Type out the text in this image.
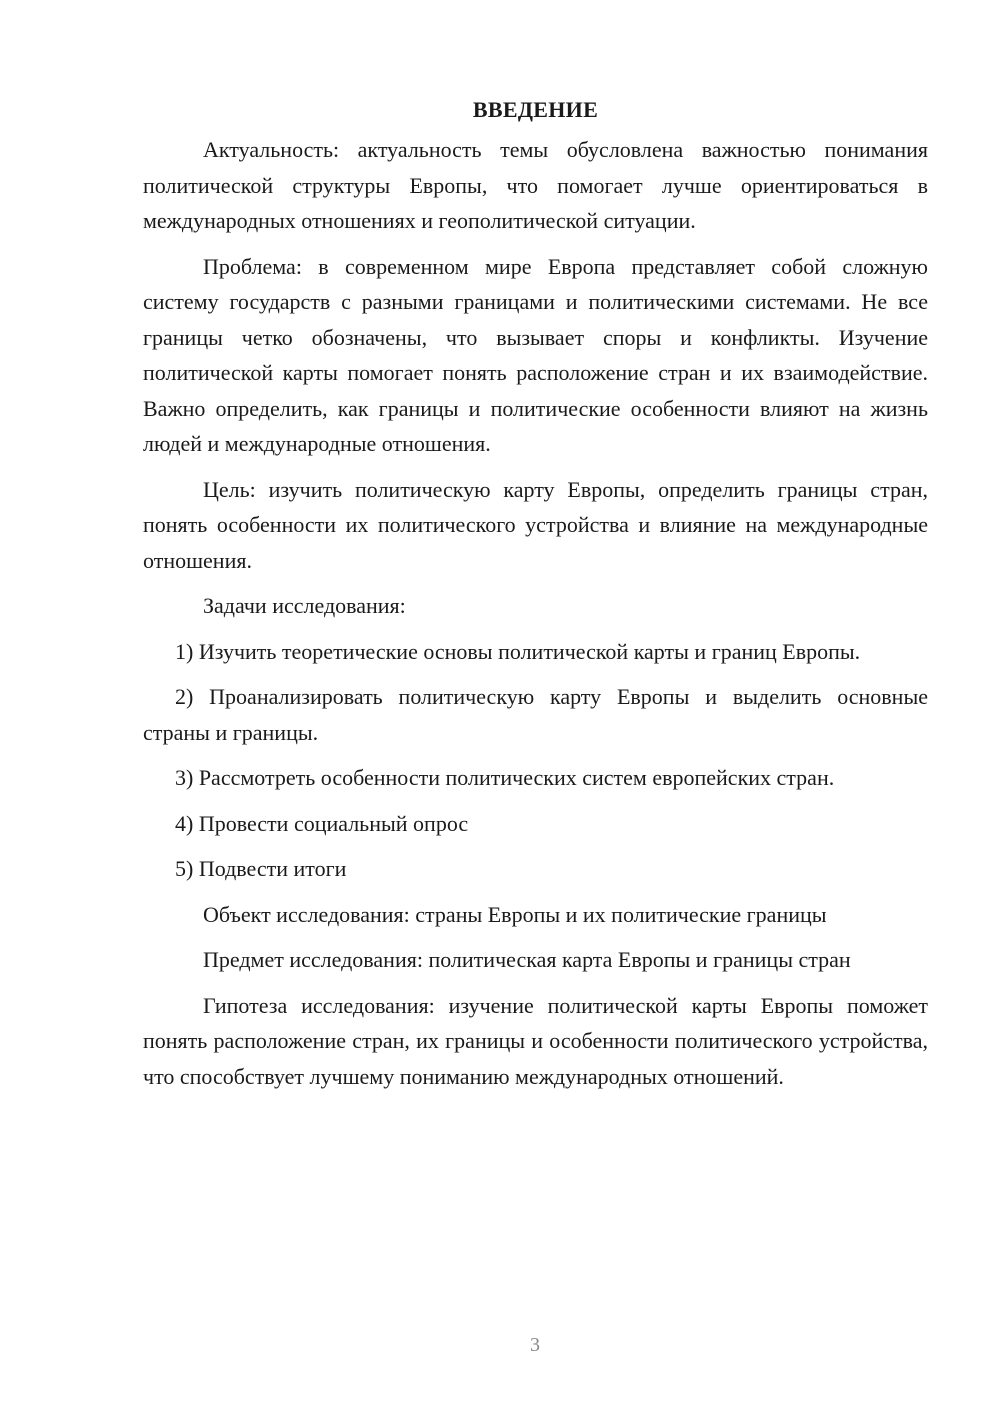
ВВЕДЕНИЕ

Актуальность: актуальность темы обусловлена важностью понимания политической структуры Европы, что помогает лучше ориентироваться в международных отношениях и геополитической ситуации.

Проблема: в современном мире Европа представляет собой сложную систему государств с разными границами и политическими системами. Не все границы четко обозначены, что вызывает споры и конфликты. Изучение политической карты помогает понять расположение стран и их взаимодействие. Важно определить, как границы и политические особенности влияют на жизнь людей и международные отношения.

Цель: изучить политическую карту Европы, определить границы стран, понять особенности их политического устройства и влияние на международные отношения.

Задачи исследования:

1) Изучить теоретические основы политической карты и границ Европы.

2) Проанализировать политическую карту Европы и выделить основные страны и границы.

3) Рассмотреть особенности политических систем европейских стран.

4) Провести социальный опрос

5) Подвести итоги

Объект исследования: страны Европы и их политические границы

Предмет исследования: политическая карта Европы и границы стран

Гипотеза исследования: изучение политической карты Европы поможет понять расположение стран, их границы и особенности политического устройства, что способствует лучшему пониманию международных отношений.

3
